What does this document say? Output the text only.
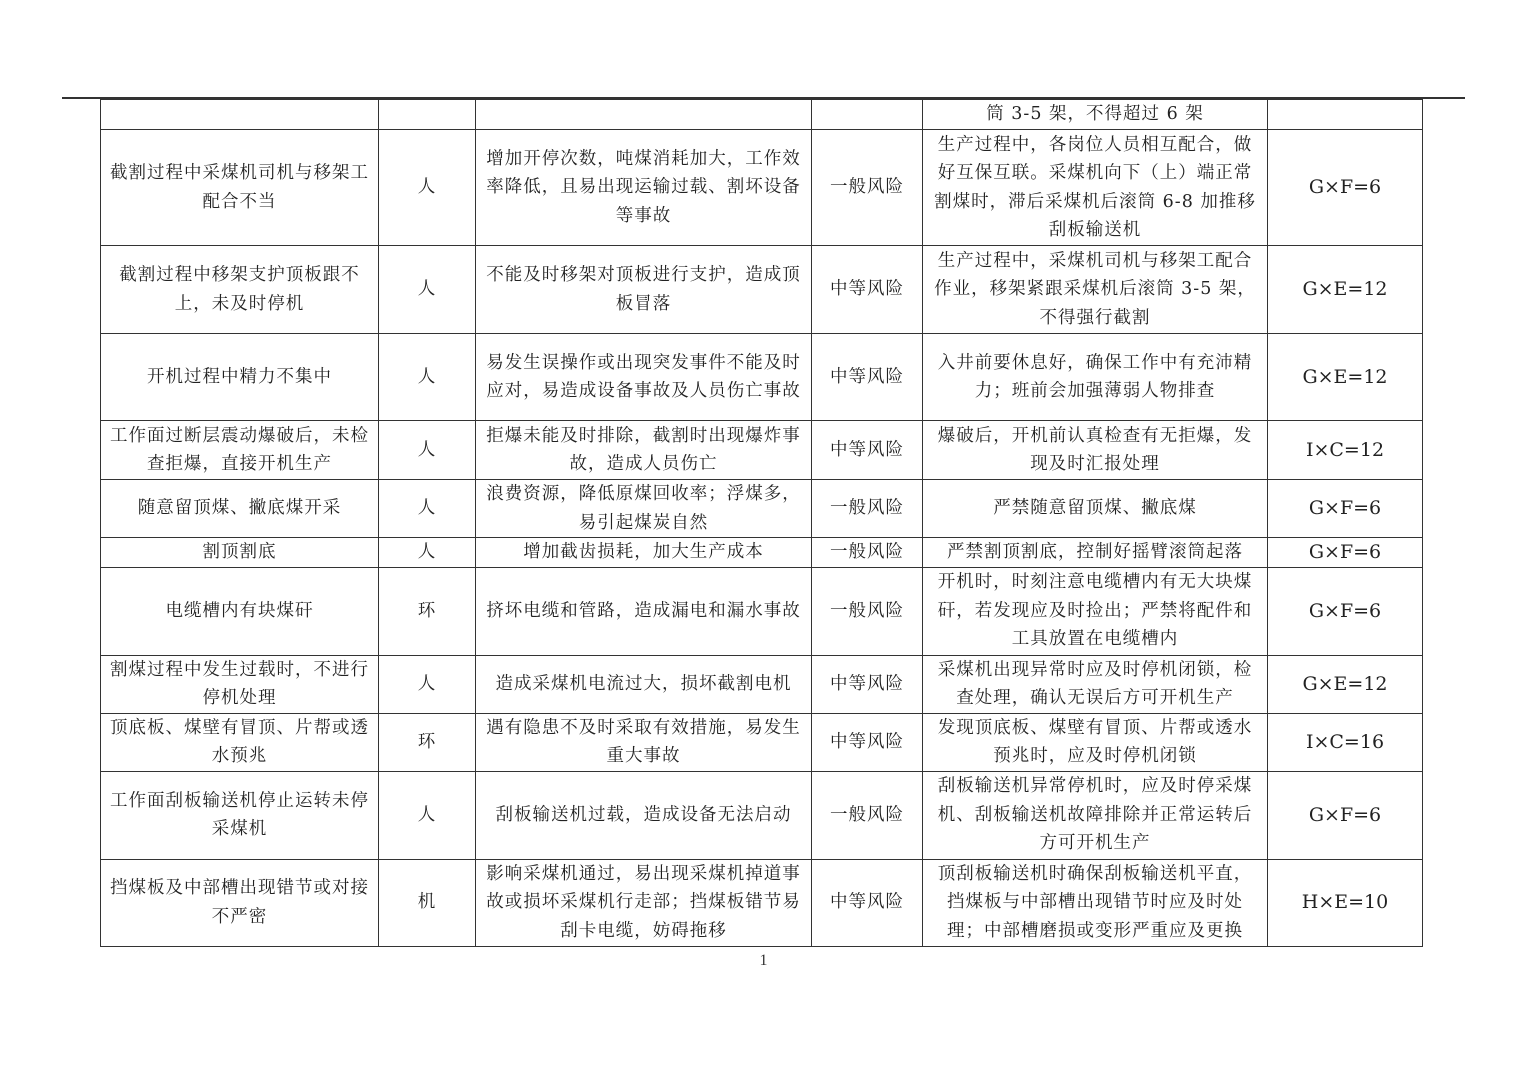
				筒 3-5 架，不得超过 6 架	
截割过程中采煤机司机与移架工配合不当	人	增加开停次数，吨煤消耗加大，工作效率降低，且易出现运输过载、割坏设备等事故	一般风险	生产过程中，各岗位人员相互配合，做好互保互联。采煤机向下（上）端正常割煤时，滞后采煤机后滚筒 6-8 加推移刮板输送机	G×F=6
截割过程中移架支护顶板跟不上，未及时停机	人	不能及时移架对顶板进行支护，造成顶板冒落	中等风险	生产过程中，采煤机司机与移架工配合作业，移架紧跟采煤机后滚筒 3-5 架，不得强行截割	G×E=12
开机过程中精力不集中	人	易发生误操作或出现突发事件不能及时应对，易造成设备事故及人员伤亡事故	中等风险	入井前要休息好，确保工作中有充沛精力；班前会加强薄弱人物排查	G×E=12
工作面过断层震动爆破后，未检查拒爆，直接开机生产	人	拒爆未能及时排除，截割时出现爆炸事故，造成人员伤亡	中等风险	爆破后，开机前认真检查有无拒爆，发现及时汇报处理	I×C=12
随意留顶煤、撇底煤开采	人	浪费资源，降低原煤回收率；浮煤多，易引起煤炭自然	一般风险	严禁随意留顶煤、撇底煤	G×F=6
割顶割底	人	增加截齿损耗，加大生产成本	一般风险	严禁割顶割底，控制好摇臂滚筒起落	G×F=6
电缆槽内有块煤矸	环	挤坏电缆和管路，造成漏电和漏水事故	一般风险	开机时，时刻注意电缆槽内有无大块煤矸，若发现应及时捡出；严禁将配件和工具放置在电缆槽内	G×F=6
割煤过程中发生过载时，不进行停机处理	人	造成采煤机电流过大，损坏截割电机	中等风险	采煤机出现异常时应及时停机闭锁，检查处理，确认无误后方可开机生产	G×E=12
顶底板、煤壁有冒顶、片帮或透水预兆	环	遇有隐患不及时采取有效措施，易发生重大事故	中等风险	发现顶底板、煤壁有冒顶、片帮或透水预兆时，应及时停机闭锁	I×C=16
工作面刮板输送机停止运转未停采煤机	人	刮板输送机过载，造成设备无法启动	一般风险	刮板输送机异常停机时，应及时停采煤机、刮板输送机故障排除并正常运转后方可开机生产	G×F=6
挡煤板及中部槽出现错节或对接不严密	机	影响采煤机通过，易出现采煤机掉道事故或损坏采煤机行走部；挡煤板错节易刮卡电缆，妨碍拖移	中等风险	顶刮板输送机时确保刮板输送机平直，挡煤板与中部槽出现错节时应及时处理；中部槽磨损或变形严重应及更换	H×E=10
1
